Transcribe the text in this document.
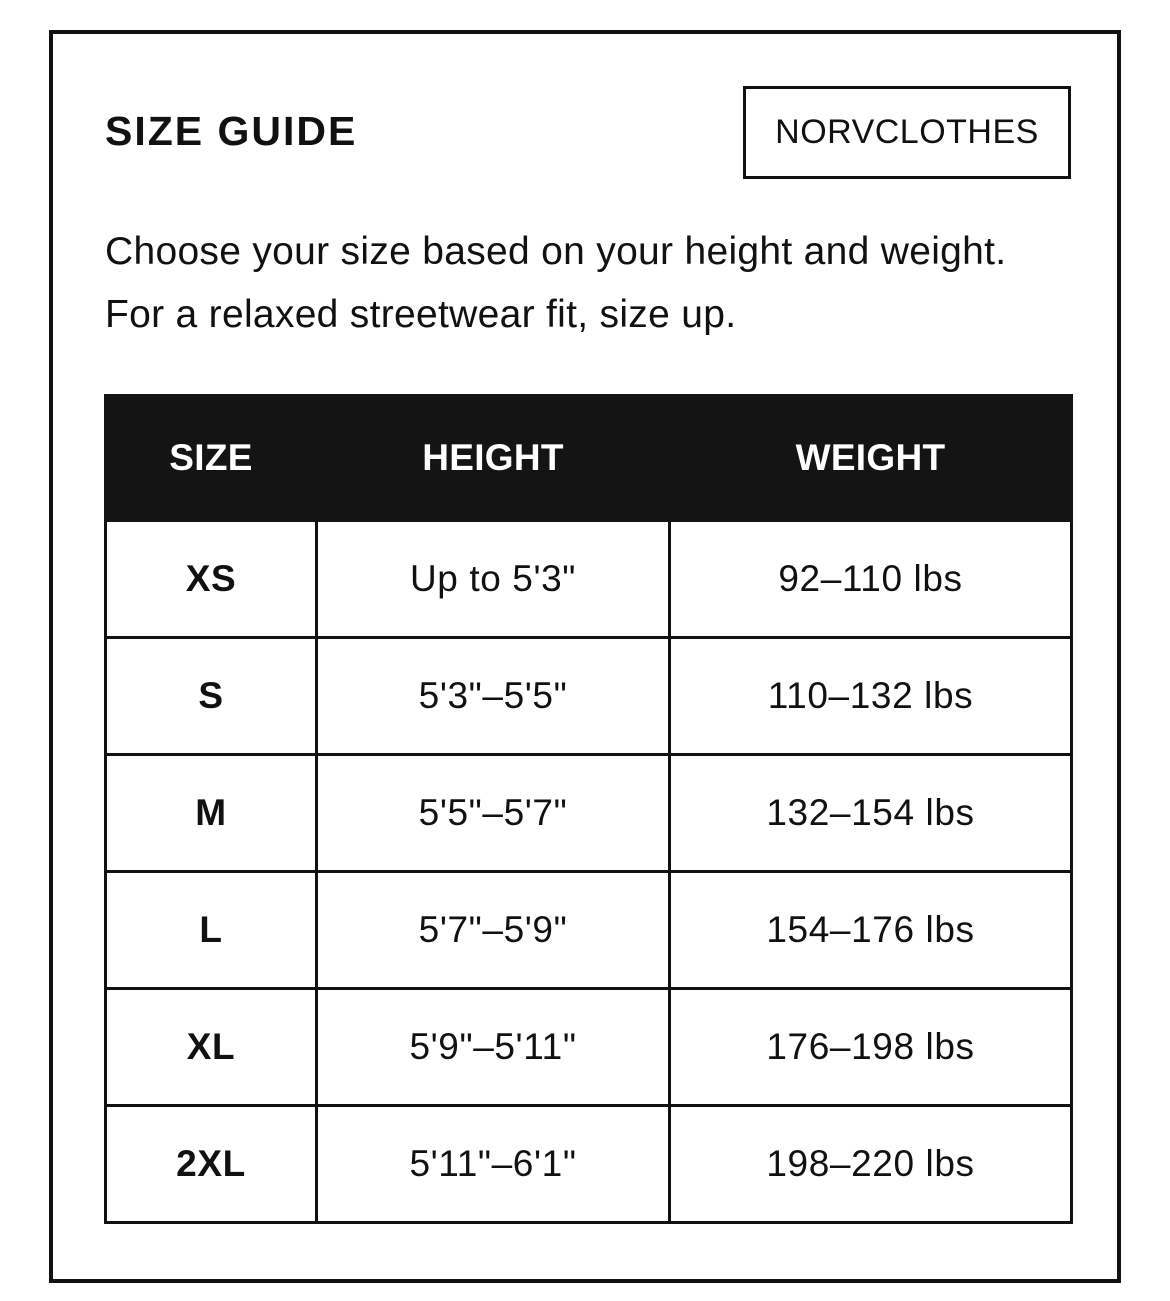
SIZE GUIDE	NORVCLOTHES
Choose your size based on your height and weight. For a relaxed streetwear fit, size up.
SIZE	HEIGHT	WEIGHT
XS	Up to 5'3"	92–110 lbs
S	5'3"–5'5"	110–132 lbs
M	5'5"–5'7"	132–154 lbs
L	5'7"–5'9"	154–176 lbs
XL	5'9"–5'11"	176–198 lbs
2XL	5'11"–6'1"	198–220 lbs
